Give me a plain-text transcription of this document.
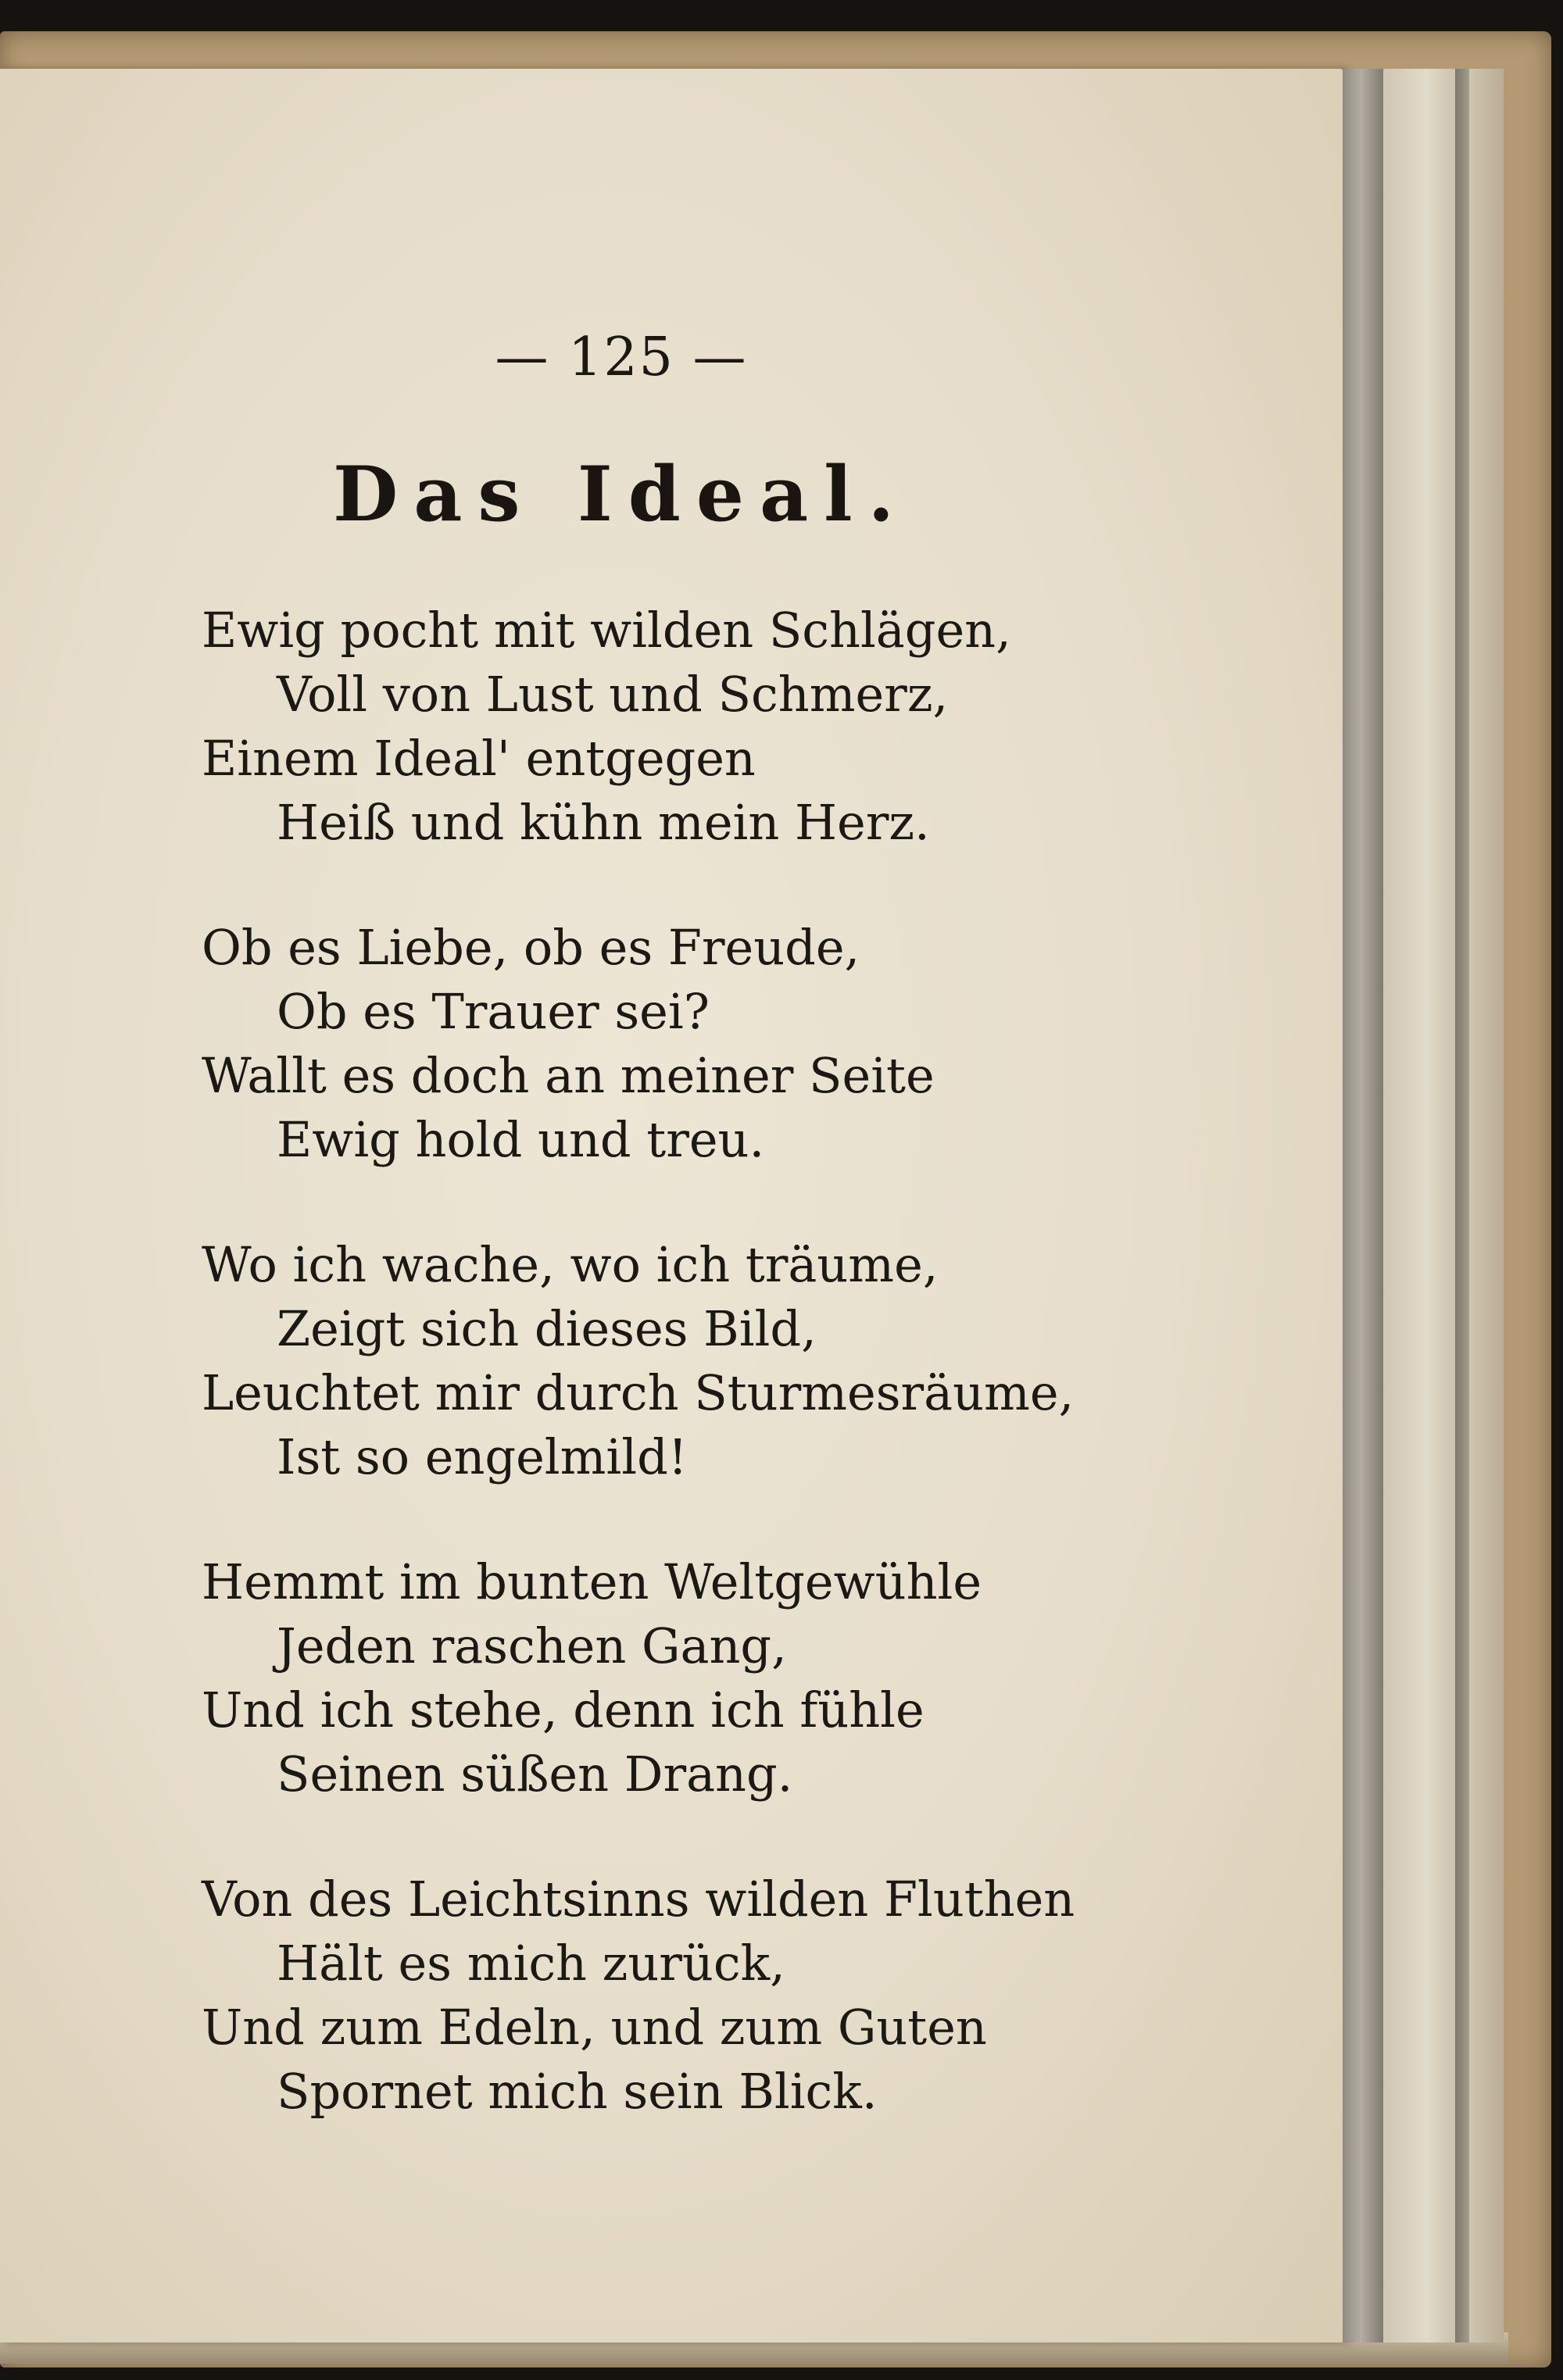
— 125 —
Das Ideal.
Ewig pocht mit wilden Schlägen,
Voll von Lust und Schmerz,
Einem Ideal' entgegen
Heiß und kühn mein Herz.
Ob es Liebe, ob es Freude,
Ob es Trauer sei?
Wallt es doch an meiner Seite
Ewig hold und treu.
Wo ich wache, wo ich träume,
Zeigt sich dieses Bild,
Leuchtet mir durch Sturmesräume,
Ist so engelmild!
Hemmt im bunten Weltgewühle
Jeden raschen Gang,
Und ich stehe, denn ich fühle
Seinen süßen Drang.
Von des Leichtsinns wilden Fluthen
Hält es mich zurück,
Und zum Edeln, und zum Guten
Spornet mich sein Blick.
